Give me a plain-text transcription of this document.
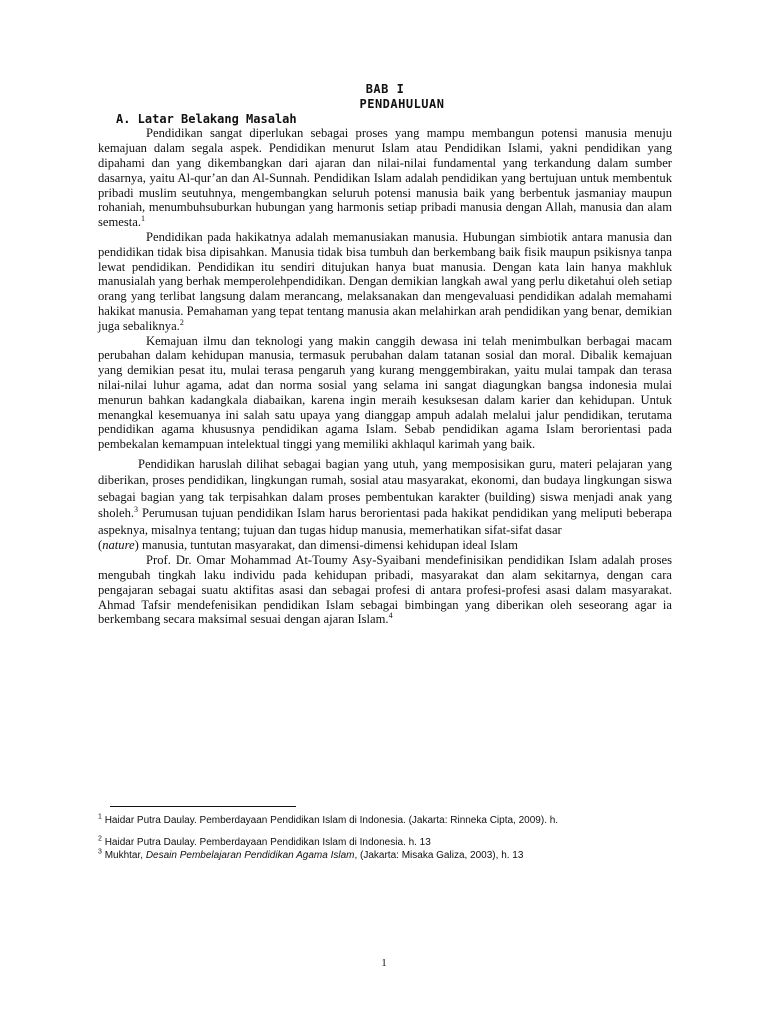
BAB I
PENDAHULUAN
A. Latar Belakang Masalah

Pendidikan sangat diperlukan sebagai proses yang mampu membangun potensi manusia menuju kemajuan dalam segala aspek. Pendidikan menurut Islam atau Pendidikan Islami, yakni pendidikan yang dipahami dan yang dikembangkan dari ajaran dan nilai-nilai fundamental yang terkandung dalam sumber dasarnya, yaitu Al-qur’an dan Al-Sunnah. Pendidikan Islam adalah pendidikan yang bertujuan untuk membentuk pribadi muslim seutuhnya, mengembangkan seluruh potensi manusia baik yang berbentuk jasmaniay maupun rohaniah, menumbuhsuburkan hubungan yang harmonis setiap pribadi manusia dengan Allah, manusia dan alam semesta.$^1$

Pendidikan pada hakikatnya adalah memanusiakan manusia. Hubungan simbiotik antara manusia dan pendidikan tidak bisa dipisahkan. Manusia tidak bisa tumbuh dan berkembang baik fisik maupun psikisnya tanpa lewat pendidikan. Pendidikan itu sendiri ditujukan hanya buat manusia. Dengan kata lain hanya makhluk manusialah yang berhak memperolehpendidikan. Dengan demikian langkah awal yang perlu diketahui oleh setiap orang yang terlibat langsung dalam merancang, melaksanakan dan mengevaluasi pendidikan adalah memahami hakikat manusia. Pemahaman yang tepat tentang manusia akan melahirkan arah pendidikan yang benar, demikian juga sebaliknya.$^2$

Kemajuan ilmu dan teknologi yang makin canggih dewasa ini telah menimbulkan berbagai macam perubahan dalam kehidupan manusia, termasuk perubahan dalam tatanan sosial dan moral. Dibalik kemajuan yang demikian pesat itu, mulai terasa pengaruh yang kurang menggembirakan, yaitu mulai tampak dan terasa nilai-nilai luhur agama, adat dan norma sosial yang selama ini sangat diagungkan bangsa indonesia mulai menurun bahkan kadangkala diabaikan, karena ingin meraih kesuksesan dalam karier dan kehidupan. Untuk menangkal kesemuanya ini salah satu upaya yang dianggap ampuh adalah melalui jalur pendidikan, terutama pendidikan agama khususnya pendidikan agama Islam. Sebab pendidikan agama Islam berorientasi pada pembekalan kemampuan intelektual tinggi yang memiliki akhlaqul karimah yang baik.

Pendidikan haruslah dilihat sebagai bagian yang utuh, yang memposisikan guru, materi pelajaran yang diberikan, proses pendidikan, lingkungan rumah, sosial atau masyarakat, ekonomi, dan budaya lingkungan siswa sebagai bagian yang tak terpisahkan dalam proses pembentukan karakter (building) siswa menjadi anak yang sholeh.$^3$ Perumusan tujuan pendidikan Islam harus berorientasi pada hakikat pendidikan yang meliputi beberapa aspeknya, misalnya tentang; tujuan dan tugas hidup manusia, memerhatikan sifat-sifat dasar

(nature) manusia, tuntutan masyarakat, dan dimensi-dimensi kehidupan ideal Islam

Prof. Dr. Omar Mohammad At-Toumy Asy-Syaibani mendefinisikan pendidikan Islam adalah proses mengubah tingkah laku individu pada kehidupan pribadi, masyarakat dan alam sekitarnya, dengan cara pengajaran sebagai suatu aktifitas asasi dan sebagai profesi di antara profesi-profesi asasi dalam masyarakat. Ahmad Tafsir mendefenisikan pendidikan Islam sebagai bimbingan yang diberikan oleh seseorang agar ia berkembang secara maksimal sesuai dengan ajaran Islam.$^4$

$^1$ Haidar Putra Daulay. Pemberdayaan Pendidikan Islam di Indonesia. (Jakarta: Rinneka Cipta, 2009). h.

$^2$ Haidar Putra Daulay. Pemberdayaan Pendidikan Islam di Indonesia. h. 13

$^3$ Mukhtar, Desain Pembelajaran Pendidikan Agama Islam, (Jakarta: Misaka Galiza, 2003), h. 13

1
